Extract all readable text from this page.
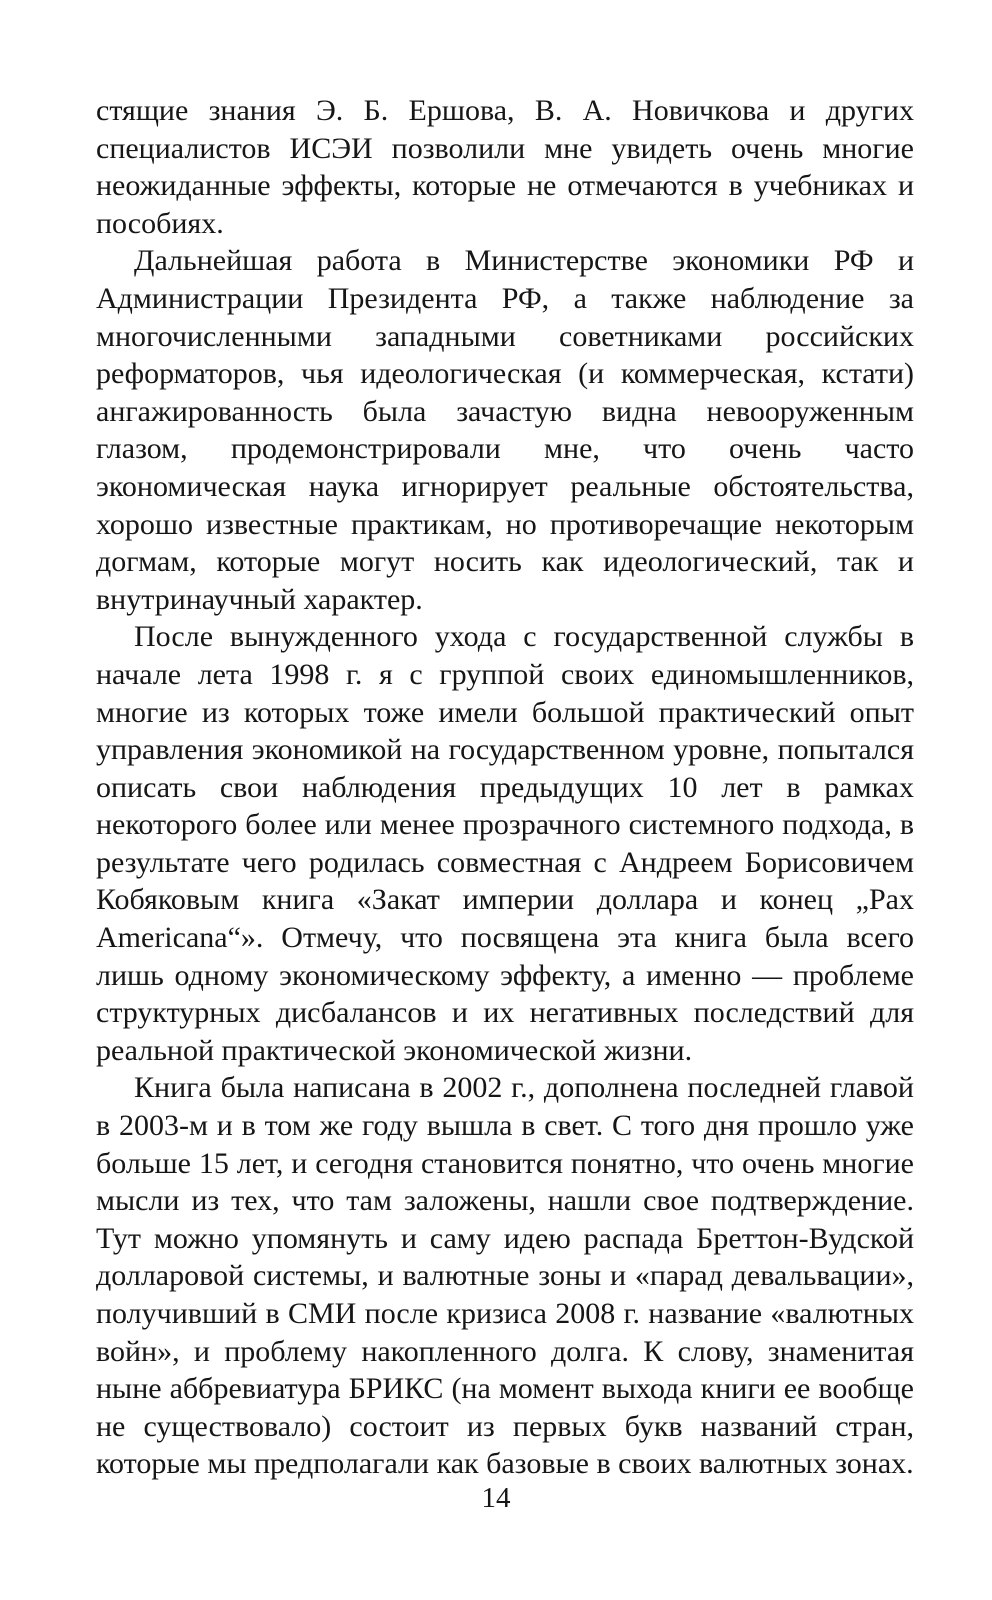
стящие знания Э. Б. Ершова, В. А. Новичкова и других специалистов ИСЭИ позволили мне увидеть очень многие неожиданные эффекты, которые не отмечаются в учебниках и пособиях.

Дальнейшая работа в Министерстве экономики РФ и Администрации Президента РФ, а также наблюдение за многочисленными западными советниками российских реформаторов, чья идеологическая (и коммерческая, кстати) ангажированность была зачастую видна невооруженным глазом, продемонстрировали мне, что очень часто экономическая наука игнорирует реальные обстоятельства, хорошо известные практикам, но противоречащие некоторым догмам, которые могут носить как идеологический, так и внутринаучный характер.

После вынужденного ухода с государственной службы в начале лета 1998 г. я с группой своих единомышленников, многие из которых тоже имели большой практический опыт управления экономикой на государственном уровне, попытался описать свои наблюдения предыдущих 10 лет в рамках некоторого более или менее прозрачного системного подхода, в результате чего родилась совместная с Андреем Борисовичем Кобяковым книга «Закат империи доллара и конец „Pax Americana“». Отмечу, что посвящена эта книга была всего лишь одному экономическому эффекту, а именно — проблеме структурных дисбалансов и их негативных последствий для реальной практической экономической жизни.

Книга была написана в 2002 г., дополнена последней главой в 2003-м и в том же году вышла в свет. С того дня прошло уже больше 15 лет, и сегодня становится понятно, что очень многие мысли из тех, что там заложены, нашли свое подтверждение. Тут можно упомянуть и саму идею распада Бреттон-Вудской долларовой системы, и валютные зоны и «парад девальвации», получивший в СМИ после кризиса 2008 г. название «валютных войн», и проблему накопленного долга. К слову, знаменитая ныне аббревиатура БРИКС (на момент выхода книги ее вообще не существовало) состоит из первых букв названий стран, которые мы предполагали как базовые в своих валютных зонах.

14
